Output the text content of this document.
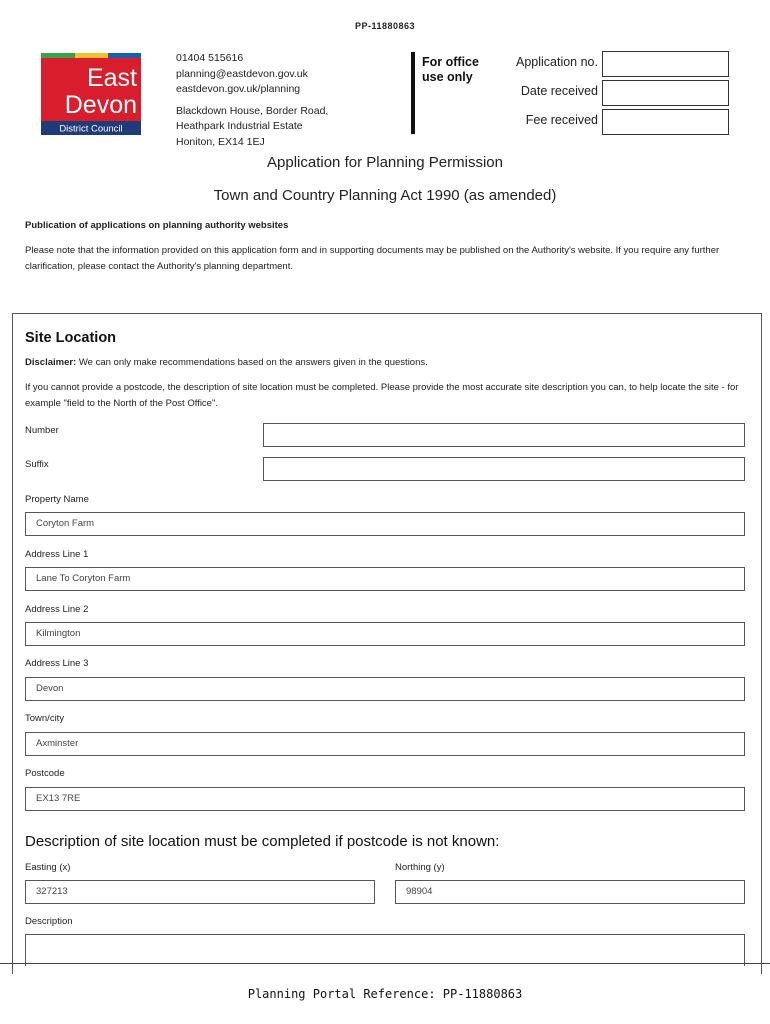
PP-11880863
East
Devon
District Council
01404 515616
planning@eastdevon.gov.uk
eastdevon.gov.uk/planning
Blackdown House, Border Road,
Heathpark Industrial Estate
Honiton, EX14 1EJ
For office
use only
Application no.
Date received
Fee received
Application for Planning Permission
Town and Country Planning Act 1990 (as amended)
Publication of applications on planning authority websites
Please note that the information provided on this application form and in supporting documents may be published on the Authority's website. If you require any further clarification, please contact the Authority's planning department.
Site Location
Disclaimer: We can only make recommendations based on the answers given in the questions.
If you cannot provide a postcode, the description of site location must be completed. Please provide the most accurate site description you can, to help locate the site - for example "field to the North of the Post Office".
Number
Suffix
Property Name
Coryton Farm
Address Line 1
Lane To Coryton Farm
Address Line 2
Kilmington
Address Line 3
Devon
Town/city
Axminster
Postcode
EX13 7RE
Description of site location must be completed if postcode is not known:
Easting (x)
327213
Northing (y)
98904
Description
Planning Portal Reference: PP-11880863
